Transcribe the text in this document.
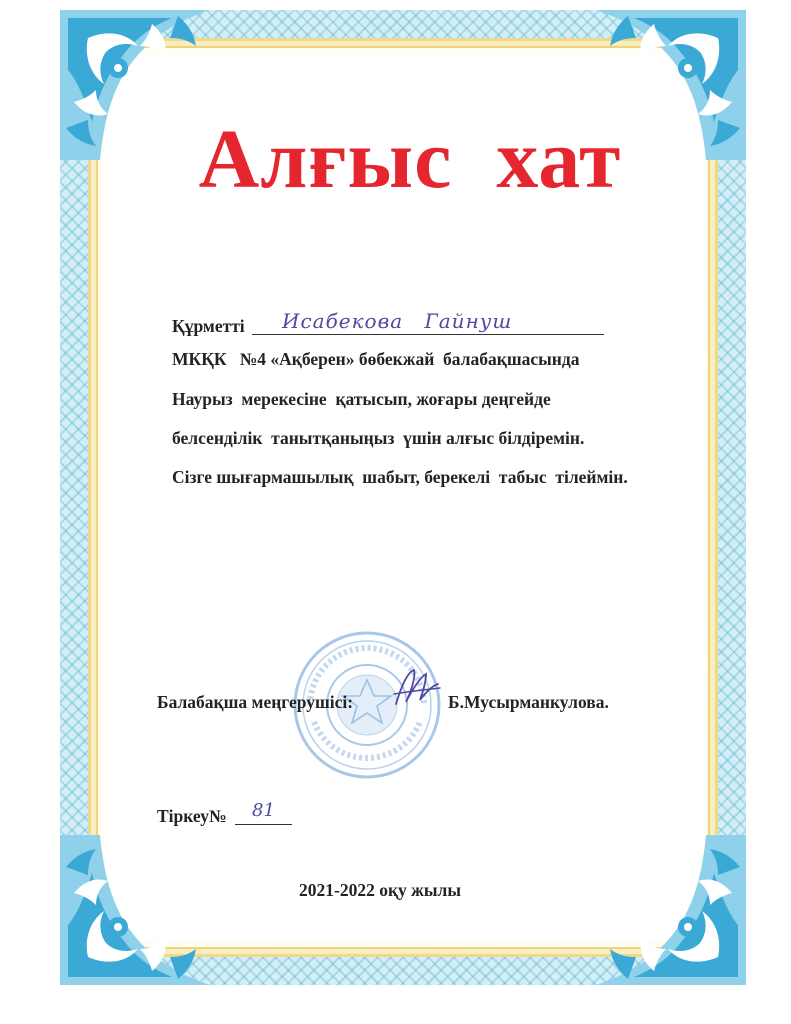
Алғыс хат
Құрметті Исабекова Гайнуш
МКҚК   №4 «Ақберен» бөбекжай  балабақшасында
Наурыз  мерекесіне  қатысып, жоғары деңгейде
белсенділік  танытқаныңыз  үшін алғыс білдіремін.
Сізге шығармашылық  шабыт, берекелі  табыс  тілеймін.
Балабақша меңгерушісі:	Б.Мусырманкулова.
Тіркеу№ 81
2021-2022 оқу жылы
